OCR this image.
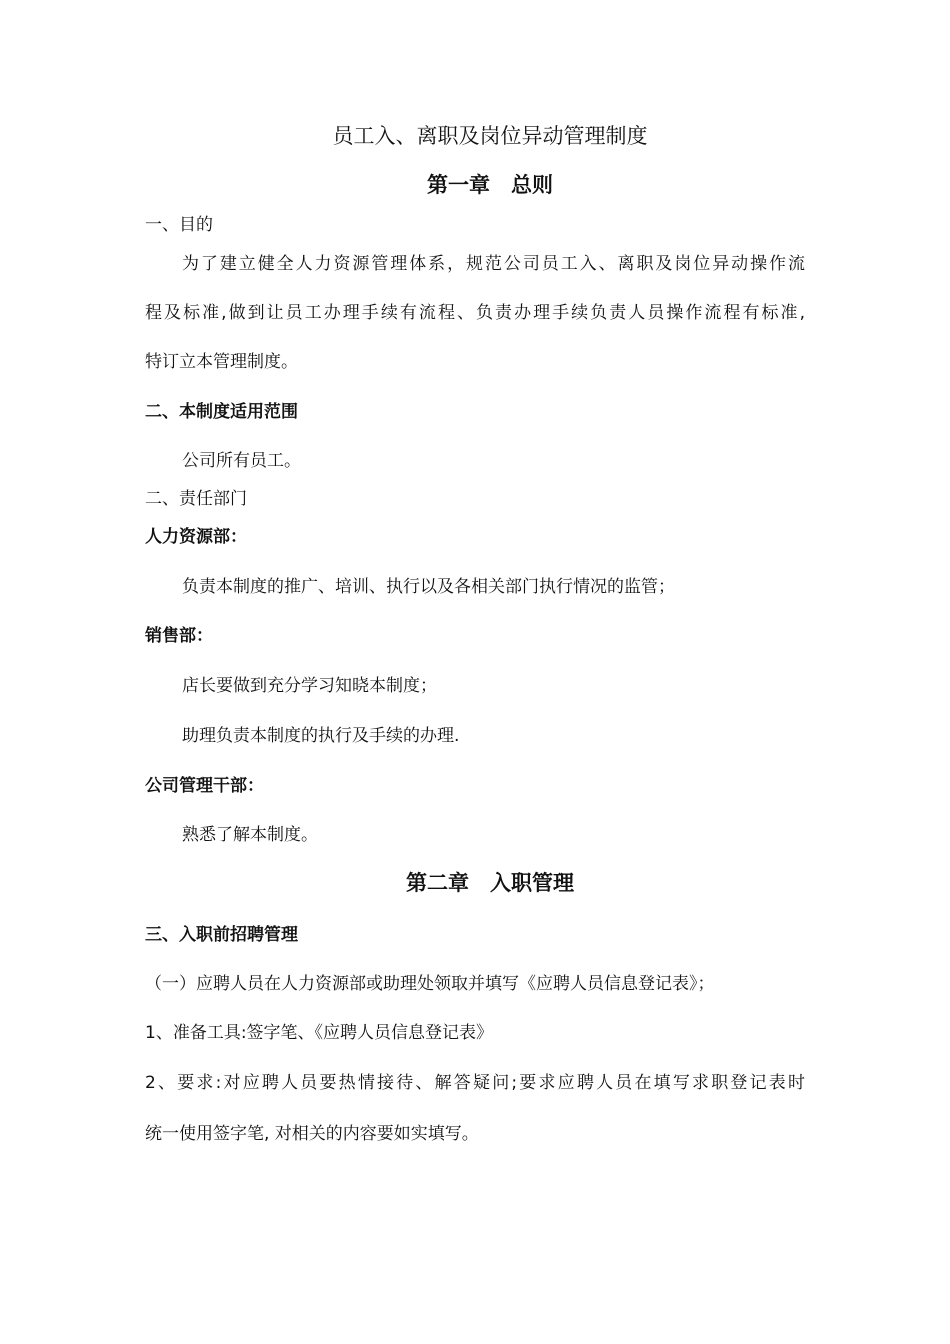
员工入、离职及岗位异动管理制度
第一章　总则
一、目的
为了建立健全人力资源管理体系，规范公司员工入、离职及岗位异动操作流
程及标准,做到让员工办理手续有流程、负责办理手续负责人员操作流程有标准,
特订立本管理制度。
二、本制度适用范围
公司所有员工。
二、责任部门
人力资源部：
负责本制度的推广、培训、执行以及各相关部门执行情况的监管；
销售部：
店长要做到充分学习知晓本制度；
助理负责本制度的执行及手续的办理.
公司管理干部：
熟悉了解本制度。
第二章　入职管理
三、入职前招聘管理
（一）应聘人员在人力资源部或助理处领取并填写《应聘人员信息登记表》；
1、准备工具:签字笔、《应聘人员信息登记表》
2、要求:对应聘人员要热情接待、解答疑问;要求应聘人员在填写求职登记表时
统一使用签字笔, 对相关的内容要如实填写。
